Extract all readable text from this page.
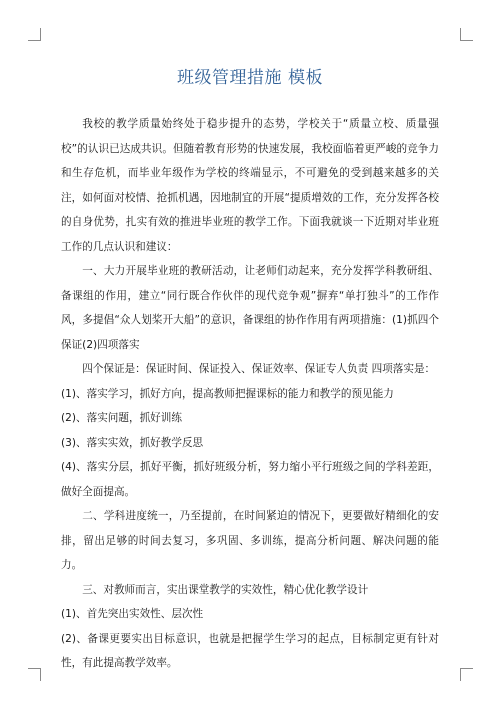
班级管理措施 模板

我校的教学质量始终处于稳步提升的态势，学校关于“质量立校、质量强校”的认识已达成共识。但随着教育形势的快速发展，我校面临着更严峻的竞争力和生存危机，而毕业年级作为学校的终端显示，不可避免的受到越来越多的关注，如何面对校情、抢抓机遇，因地制宜的开展“提质增效的工作，充分发挥各校的自身优势，扎实有效的推进毕业班的教学工作。下面我就谈一下近期对毕业班工作的几点认识和建议：

一、大力开展毕业班的教研活动，让老师们动起来，充分发挥学科教研组、备课组的作用，建立“同行既合作伙伴的现代竞争观”摒弃“单打独斗”的工作作风，多提倡“众人划桨开大船”的意识，备课组的协作作用有两项措施：(1)抓四个保证(2)四项落实

四个保证是：保证时间、保证投入、保证效率、保证专人负责 四项落实是：

(1)、落实学习，抓好方向，提高教师把握课标的能力和教学的预见能力

(2)、落实问题，抓好训练

(3)、落实实效，抓好教学反思

(4)、落实分层，抓好平衡，抓好班级分析，努力缩小平行班级之间的学科差距，做好全面提高。

二、学科进度统一，乃至提前，在时间紧迫的情况下，更要做好精细化的安排，留出足够的时间去复习，多巩固、多训练，提高分析问题、解决问题的能力。

三、对教师而言，实出课堂教学的实效性，精心优化教学设计

(1)、首先突出实效性、层次性

(2)、备课更要实出目标意识，也就是把握学生学习的起点，目标制定更有针对性，有此提高教学效率。
